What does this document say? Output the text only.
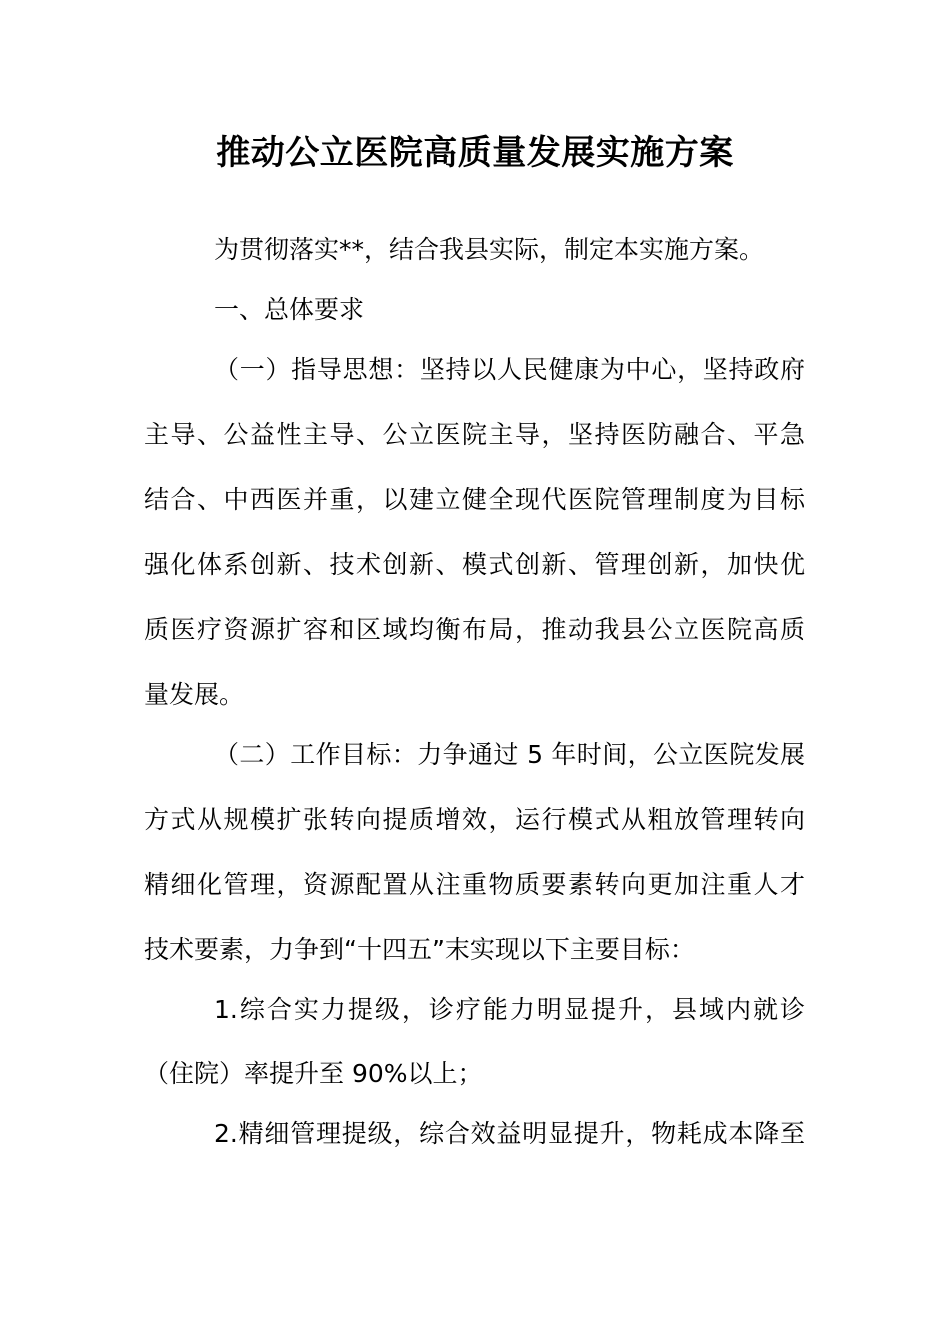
推动公立医院高质量发展实施方案
为贯彻落实**，结合我县实际，制定本实施方案。
一、总体要求
（一）指导思想：坚持以人民健康为中心，坚持政府
主导、公益性主导、公立医院主导，坚持医防融合、平急
结合、中西医并重，以建立健全现代医院管理制度为目标
强化体系创新、技术创新、模式创新、管理创新，加快优
质医疗资源扩容和区域均衡布局，推动我县公立医院高质
量发展。
（二）工作目标：力争通过 5 年时间，公立医院发展
方式从规模扩张转向提质增效，运行模式从粗放管理转向
精细化管理，资源配置从注重物质要素转向更加注重人才
技术要素，力争到“十四五”末实现以下主要目标：
1.综合实力提级，诊疗能力明显提升，县域内就诊
（住院）率提升至 90%以上；
2.精细管理提级，综合效益明显提升，物耗成本降至
